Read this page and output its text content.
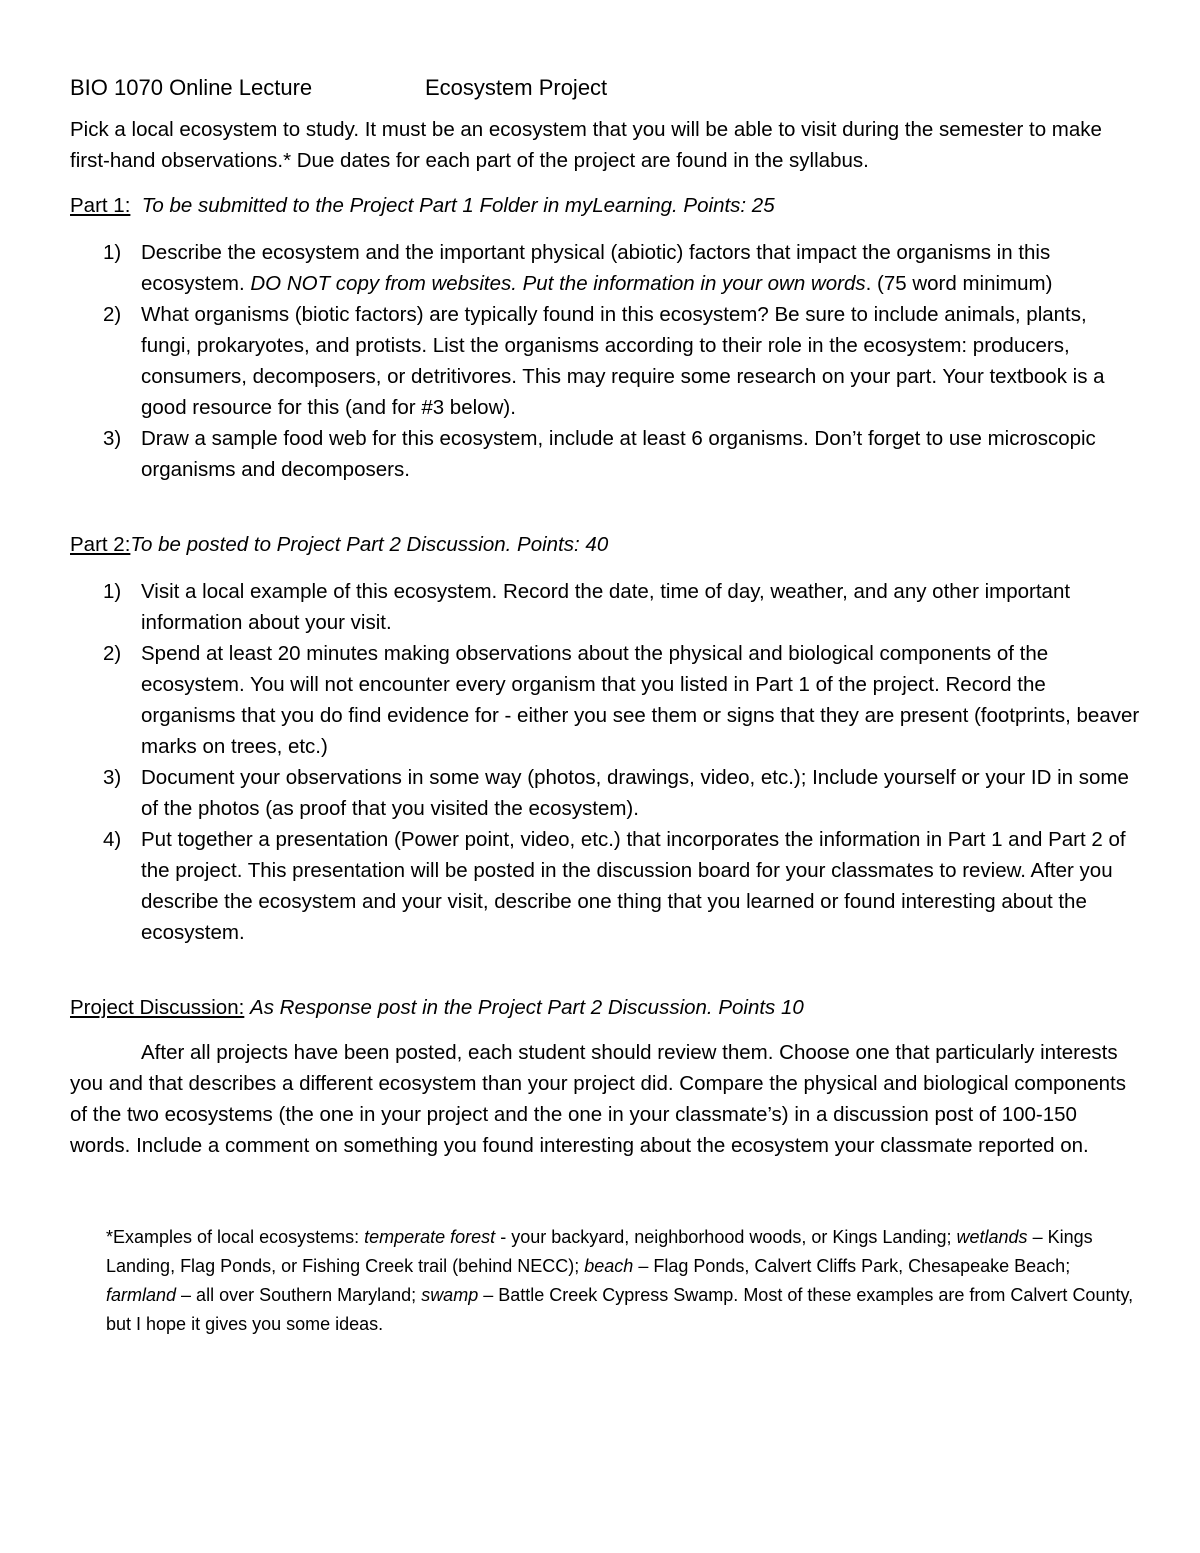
BIO 1070 Online Lecture	Ecosystem Project

Pick a local ecosystem to study. It must be an ecosystem that you will be able to visit during the semester to make first-hand observations.* Due dates for each part of the project are found in the syllabus.

Part 1: To be submitted to the Project Part 1 Folder in myLearning. Points: 25

1) Describe the ecosystem and the important physical (abiotic) factors that impact the organisms in this ecosystem. DO NOT copy from websites. Put the information in your own words. (75 word minimum)
2) What organisms (biotic factors) are typically found in this ecosystem? Be sure to include animals, plants, fungi, prokaryotes, and protists. List the organisms according to their role in the ecosystem: producers, consumers, decomposers, or detritivores. This may require some research on your part. Your textbook is a good resource for this (and for #3 below).
3) Draw a sample food web for this ecosystem, include at least 6 organisms. Don’t forget to use microscopic organisms and decomposers.

Part 2:To be posted to Project Part 2 Discussion. Points: 40

1) Visit a local example of this ecosystem. Record the date, time of day, weather, and any other important information about your visit.
2) Spend at least 20 minutes making observations about the physical and biological components of the ecosystem. You will not encounter every organism that you listed in Part 1 of the project. Record the organisms that you do find evidence for - either you see them or signs that they are present (footprints, beaver marks on trees, etc.)
3) Document your observations in some way (photos, drawings, video, etc.); Include yourself or your ID in some of the photos (as proof that you visited the ecosystem).
4) Put together a presentation (Power point, video, etc.) that incorporates the information in Part 1 and Part 2 of the project. This presentation will be posted in the discussion board for your classmates to review. After you describe the ecosystem and your visit, describe one thing that you learned or found interesting about the ecosystem.

Project Discussion: As Response post in the Project Part 2 Discussion. Points 10

After all projects have been posted, each student should review them. Choose one that particularly interests you and that describes a different ecosystem than your project did. Compare the physical and biological components of the two ecosystems (the one in your project and the one in your classmate’s) in a discussion post of 100-150 words. Include a comment on something you found interesting about the ecosystem your classmate reported on.

*Examples of local ecosystems: temperate forest - your backyard, neighborhood woods, or Kings Landing; wetlands – Kings Landing, Flag Ponds, or Fishing Creek trail (behind NECC); beach – Flag Ponds, Calvert Cliffs Park, Chesapeake Beach; farmland – all over Southern Maryland; swamp – Battle Creek Cypress Swamp. Most of these examples are from Calvert County, but I hope it gives you some ideas.
